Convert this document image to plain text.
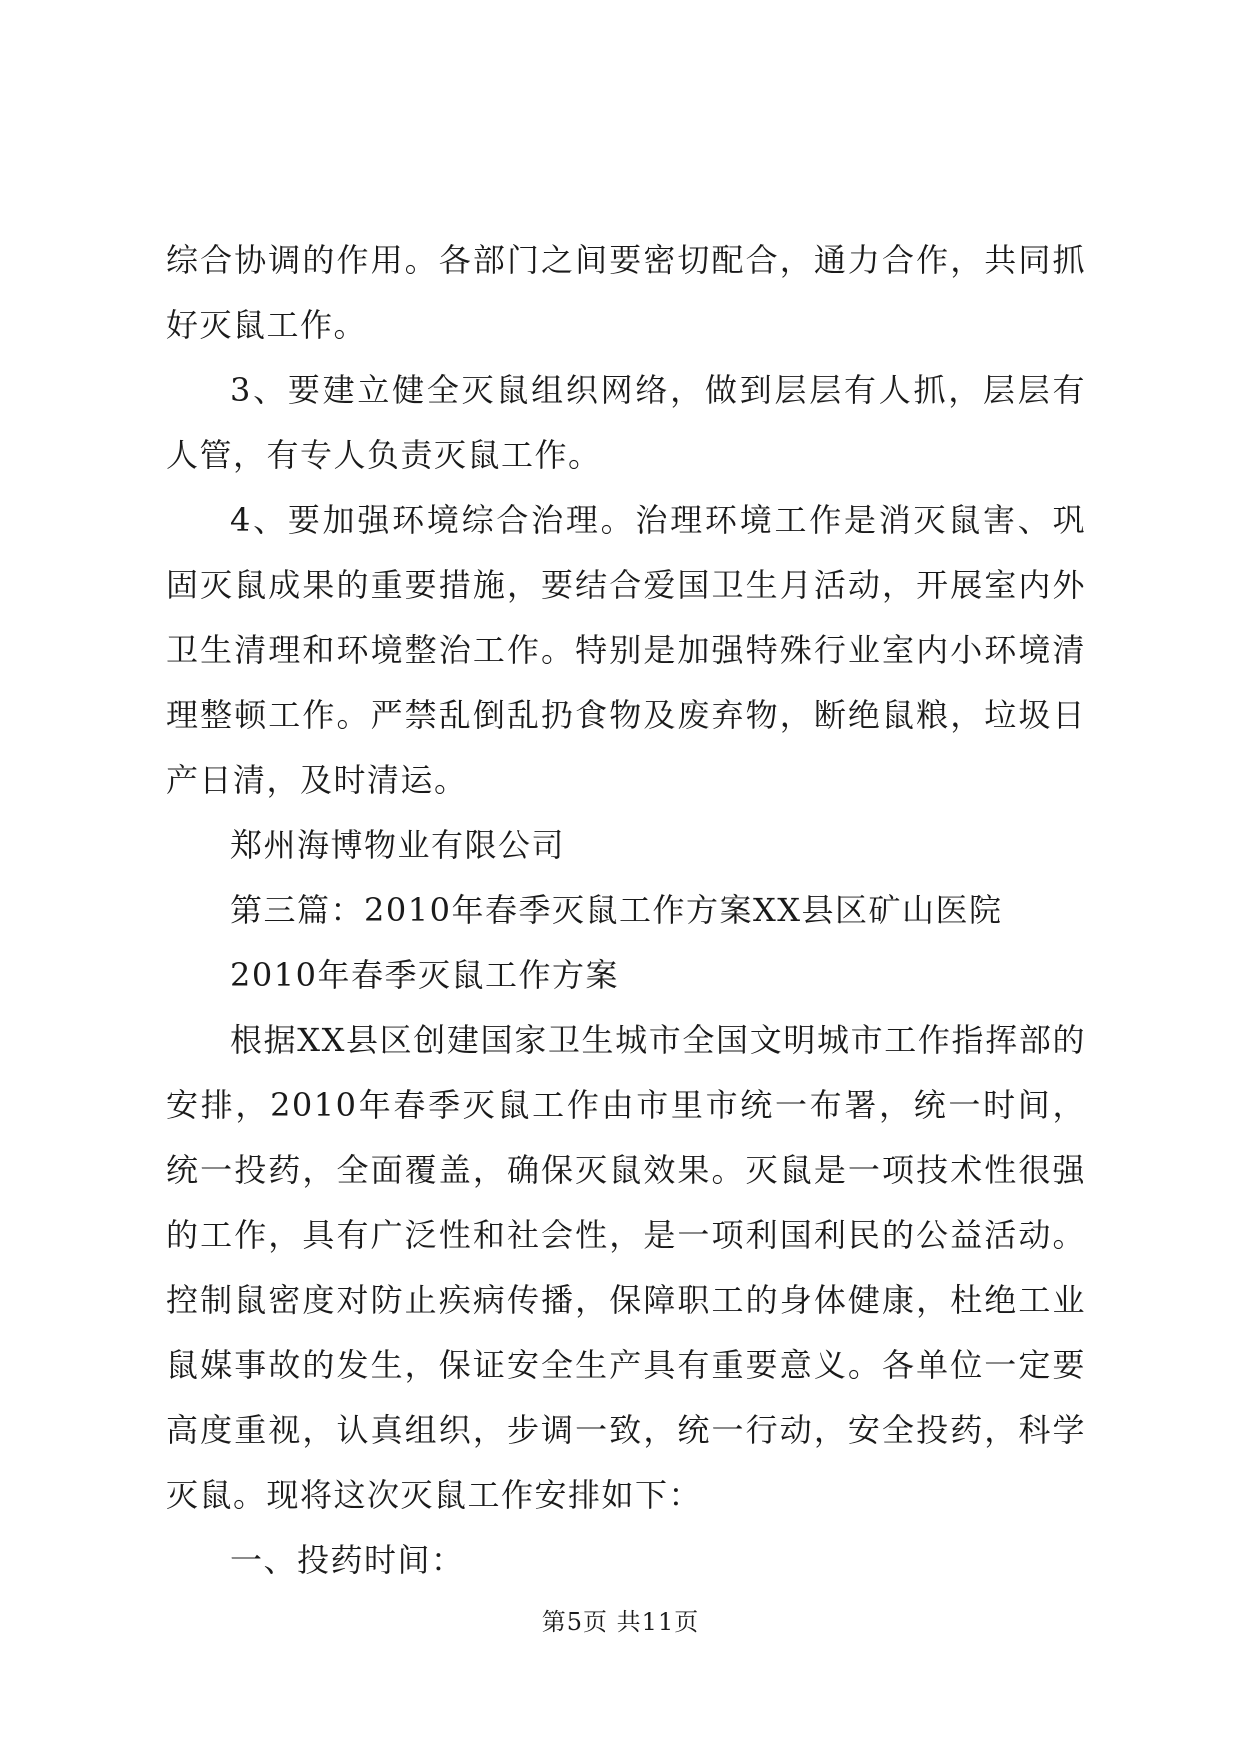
综合协调的作用。各部门之间要密切配合，通力合作，共同抓好灭鼠工作。

3、要建立健全灭鼠组织网络，做到层层有人抓，层层有人管，有专人负责灭鼠工作。

4、要加强环境综合治理。治理环境工作是消灭鼠害、巩固灭鼠成果的重要措施，要结合爱国卫生月活动，开展室内外卫生清理和环境整治工作。特别是加强特殊行业室内小环境清理整顿工作。严禁乱倒乱扔食物及废弃物，断绝鼠粮，垃圾日产日清，及时清运。

郑州海博物业有限公司

第三篇：2010年春季灭鼠工作方案XX县区矿山医院

2010年春季灭鼠工作方案

根据XX县区创建国家卫生城市全国文明城市工作指挥部的安排，2010年春季灭鼠工作由市里市统一布署，统一时间，统一投药，全面覆盖，确保灭鼠效果。灭鼠是一项技术性很强的工作，具有广泛性和社会性，是一项利国利民的公益活动。控制鼠密度对防止疾病传播，保障职工的身体健康，杜绝工业鼠媒事故的发生，保证安全生产具有重要意义。各单位一定要高度重视，认真组织，步调一致，统一行动，安全投药，科学灭鼠。现将这次灭鼠工作安排如下：

一、投药时间：

第5页 共11页
